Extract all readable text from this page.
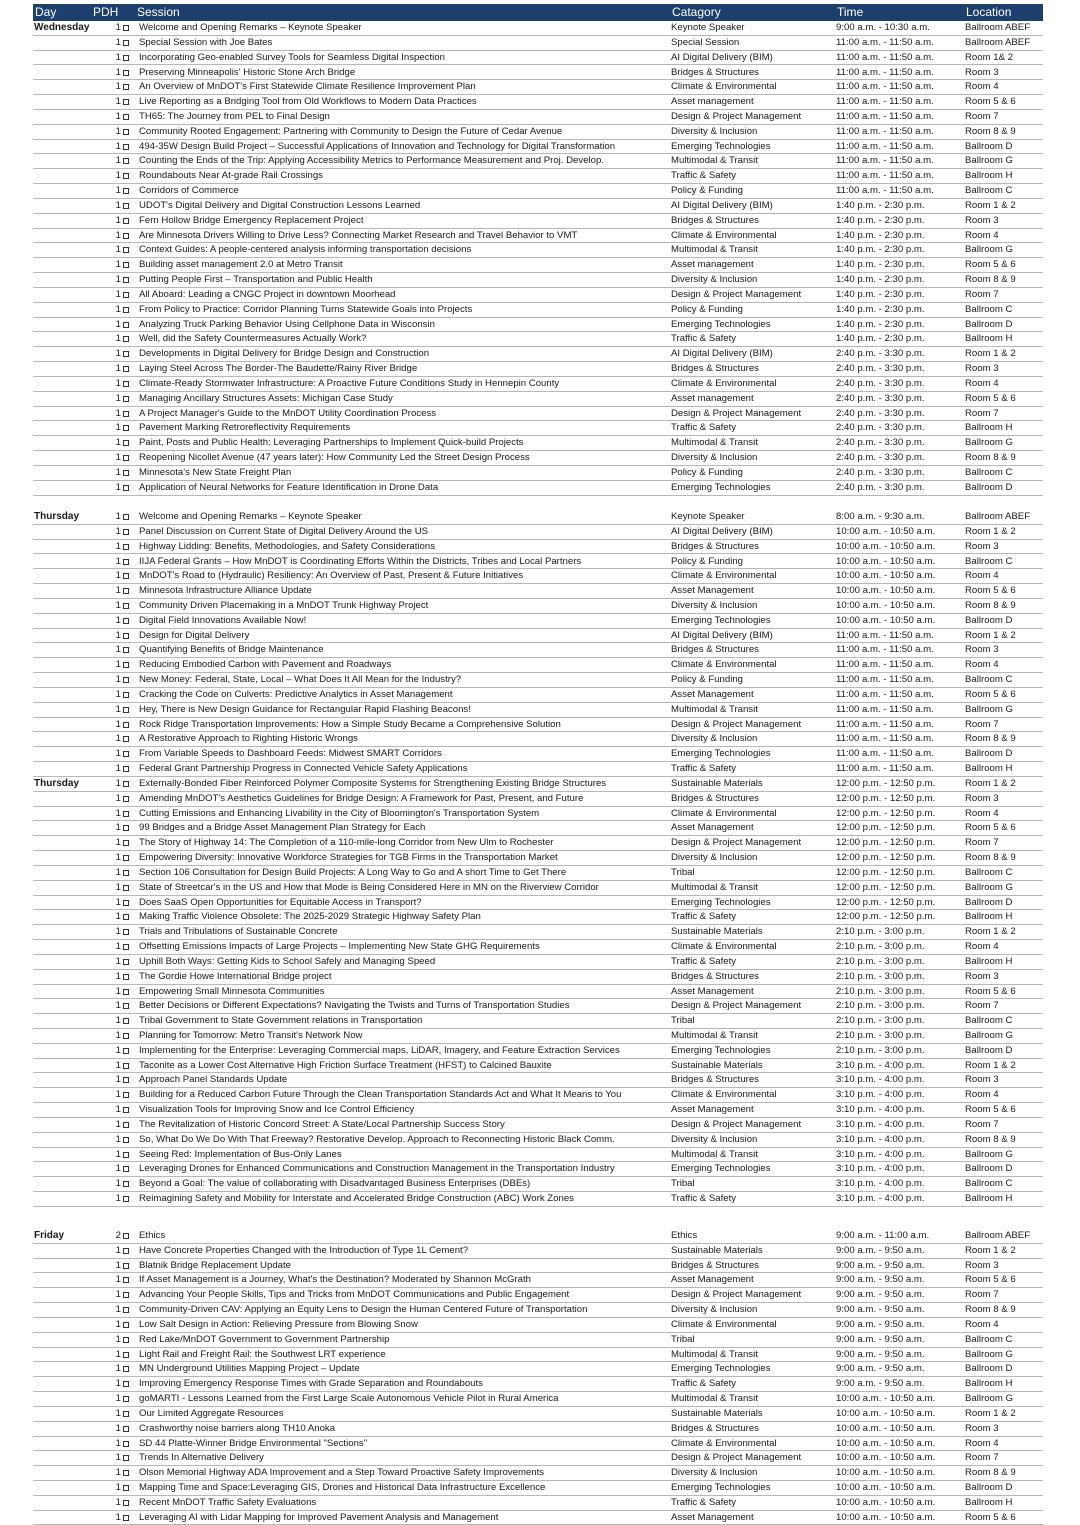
Day	PDH	Session	Catagory	Time	Location
Wednesday	1	Welcome and Opening Remarks – Keynote Speaker	Keynote Speaker	9:00 a.m. - 10:30 a.m.	Ballroom ABEF
	1	Special Session with Joe Bates	Special Session	11:00 a.m. - 11:50 a.m.	Ballroom ABEF
	1	Incorporating Geo-enabled Survey Tools for Seamless Digital Inspection	AI Digital Delivery (BIM)	11:00 a.m. - 11:50 a.m.	Room 1& 2
	1	Preserving Minneapolis' Historic Stone Arch Bridge	Bridges & Structures	11:00 a.m. - 11:50 a.m.	Room 3
	1	An Overview of MnDOT's First Statewide Climate Resilience Improvement Plan	Climate & Environmental	11:00 a.m. - 11:50 a.m.	Room 4
	1	Live Reporting as a Bridging Tool from Old Workflows to Modern Data Practices	Asset management	11:00 a.m. - 11:50 a.m.	Room 5 & 6
	1	TH65: The Journey from PEL to Final Design	Design & Project Management	11:00 a.m. - 11:50 a.m.	Room 7
	1	Community Rooted Engagement: Partnering with Community to Design the Future of Cedar Avenue	Diversity & Inclusion	11:00 a.m. - 11:50 a.m.	Room 8 & 9
	1	494-35W Design Build Project – Successful Applications of Innovation and Technology for Digital Transformation	Emerging Technologies	11:00 a.m. - 11:50 a.m.	Ballroom D
	1	Counting the Ends of the Trip: Applying Accessibility Metrics to Performance Measurement and Proj. Develop.	Multimodal & Transit	11:00 a.m. - 11:50 a.m.	Ballroom G
	1	Roundabouts Near At-grade Rail Crossings	Traffic & Safety	11:00 a.m. - 11:50 a.m.	Ballroom H
	1	Corridors of Commerce	Policy & Funding	11:00 a.m. - 11:50 a.m.	Ballroom C
	1	UDOT's Digital Delivery and Digital Construction Lessons Learned	AI Digital Delivery (BIM)	1:40 p.m. - 2:30 p.m.	Room 1 & 2
	1	Fern Hollow Bridge Emergency Replacement Project	Bridges & Structures	1:40 p.m. - 2:30 p.m.	Room 3
	1	Are Minnesota Drivers Willing to Drive Less? Connecting Market Research and Travel Behavior to VMT	Climate & Environmental	1:40 p.m. - 2:30 p.m.	Room 4
	1	Context Guides: A people-centered analysis informing transportation decisions	Multimodal & Transit	1:40 p.m. - 2:30 p.m.	Ballroom G
	1	Building asset management 2.0 at Metro Transit	Asset management	1:40 p.m. - 2:30 p.m.	Room 5 & 6
	1	Putting People First – Transportation and Public Health	Diversity & Inclusion	1:40 p.m. - 2:30 p.m.	Room 8 & 9
	1	All Aboard: Leading a CNGC Project in downtown Moorhead	Design & Project Management	1:40 p.m. - 2:30 p.m.	Room 7
	1	From Policy to Practice: Corridor Planning Turns Statewide Goals into Projects	Policy & Funding	1:40 p.m. - 2:30 p.m.	Ballroom C
	1	Analyzing Truck Parking Behavior Using Cellphone Data in Wisconsin	Emerging Technologies	1:40 p.m. - 2:30 p.m.	Ballroom D
	1	Well, did the Safety Countermeasures Actually Work?	Traffic & Safety	1:40 p.m. - 2:30 p.m.	Ballroom H
	1	Developments in Digital Delivery for Bridge Design and Construction	AI Digital Delivery (BIM)	2:40 p.m. - 3:30 p.m.	Room 1 & 2
	1	Laying Steel Across The Border-The Baudette/Rainy River Bridge	Bridges & Structures	2:40 p.m. - 3:30 p.m.	Room 3
	1	Climate-Ready Stormwater Infrastructure: A Proactive Future Conditions Study in Hennepin County	Climate & Environmental	2:40 p.m. - 3:30 p.m.	Room 4
	1	Managing Ancillary Structures Assets: Michigan Case Study	Asset management	2:40 p.m. - 3:30 p.m.	Room 5 & 6
	1	A Project Manager's Guide to the MnDOT Utility Coordination Process	Design & Project Management	2:40 p.m. - 3:30 p.m.	Room 7
	1	Pavement Marking Retroreflectivity Requirements	Traffic & Safety	2:40 p.m. - 3:30 p.m.	Ballroom H
	1	Paint, Posts and Public Health: Leveraging Partnerships to Implement Quick-build Projects	Multimodal & Transit	2:40 p.m. - 3:30 p.m.	Ballroom G
	1	Reopening Nicollet Avenue (47 years later): How Community Led the Street Design Process	Diversity & Inclusion	2:40 p.m. - 3:30 p.m.	Room 8 & 9
	1	Minnesota's New State Freight Plan	Policy & Funding	2:40 p.m. - 3:30 p.m.	Ballroom C
	1	Application of Neural Networks for Feature Identification in Drone Data	Emerging Technologies	2:40 p.m. - 3:30 p.m.	Ballroom D

Thursday	1	Welcome and Opening Remarks – Keynote Speaker	Keynote Speaker	8:00 a.m. - 9:30 a.m.	Ballroom ABEF
	1	Panel Discussion on Current State of Digital Delivery Around the US	AI Digital Delivery (BIM)	10:00 a.m. - 10:50 a.m.	Room 1 & 2
	1	Highway Lidding: Benefits, Methodologies, and Safety Considerations	Bridges & Structures	10:00 a.m. - 10:50 a.m.	Room 3
	1	IIJA Federal Grants – How MnDOT is Coordinating Efforts Within the Districts, Tribes and Local Partners	Policy & Funding	10:00 a.m. - 10:50 a.m.	Ballroom C
	1	MnDOT's Road to (Hydraulic) Resiliency: An Overview of Past, Present & Future Initiatives	Climate & Environmental	10:00 a.m. - 10:50 a.m.	Room 4
	1	Minnesota Infrastructure Alliance Update	Asset Management	10:00 a.m. - 10:50 a.m.	Room 5 & 6
	1	Community Driven Placemaking in a MnDOT Trunk Highway Project	Diversity & Inclusion	10:00 a.m. - 10:50 a.m.	Room 8 & 9
	1	Digital Field Innovations Available Now!	Emerging Technologies	10:00 a.m. - 10:50 a.m.	Ballroom D
	1	Design for Digital Delivery	AI Digital Delivery (BIM)	11:00 a.m. - 11:50 a.m.	Room 1 & 2
	1	Quantifying Benefits of Bridge Maintenance	Bridges & Structures	11:00 a.m. - 11:50 a.m.	Room 3
	1	Reducing Embodied Carbon with Pavement and Roadways	Climate & Environmental	11:00 a.m. - 11:50 a.m.	Room 4
	1	New Money: Federal, State, Local – What Does It All Mean for the Industry?	Policy & Funding	11:00 a.m. - 11:50 a.m.	Ballroom C
	1	Cracking the Code on Culverts: Predictive Analytics in Asset Management	Asset Management	11:00 a.m. - 11:50 a.m.	Room 5 & 6
	1	Hey, There is New Design Guidance for Rectangular Rapid Flashing Beacons!	Multimodal & Transit	11:00 a.m. - 11:50 a.m.	Ballroom G
	1	Rock Ridge Transportation Improvements: How a Simple Study Became a Comprehensive Solution	Design & Project Management	11:00 a.m. - 11:50 a.m.	Room 7
	1	A Restorative Approach to Righting Historic Wrongs	Diversity & Inclusion	11:00 a.m. - 11:50 a.m.	Room 8 & 9
	1	From Variable Speeds to Dashboard Feeds: Midwest SMART Corridors	Emerging Technologies	11:00 a.m. - 11:50 a.m.	Ballroom D
	1	Federal Grant Partnership Progress in Connected Vehicle Safety Applications	Traffic & Safety	11:00 a.m. - 11:50 a.m.	Ballroom H
Thursday	1	Externally-Bonded Fiber Reinforced Polymer Composite Systems for Strengthening Existing Bridge Structures	Sustainable Materials	12:00 p.m. - 12:50 p.m.	Room 1 & 2
	1	Amending MnDOT's Aesthetics Guidelines for Bridge Design: A Framework for Past, Present, and Future	Bridges & Structures	12:00 p.m. - 12:50 p.m.	Room 3
	1	Cutting Emissions and Enhancing Livability in the City of Bloomington's Transportation System	Climate & Environmental	12:00 p.m. - 12:50 p.m.	Room 4
	1	99 Bridges and a Bridge Asset Management Plan Strategy for Each	Asset Management	12:00 p.m. - 12:50 p.m.	Room 5 & 6
	1	The Story of Highway 14: The Completion of a 110-mile-long Corridor from New Ulm to Rochester	Design & Project Management	12:00 p.m. - 12:50 p.m.	Room 7
	1	Empowering Diversity: Innovative Workforce Strategies for TGB Firms in the Transportation Market	Diversity & Inclusion	12:00 p.m. - 12:50 p.m.	Room 8 & 9
	1	Section 106 Consultation for Design Build Projects: A Long Way to Go and A short Time to Get There	Tribal	12:00 p.m. - 12:50 p.m.	Ballroom C
	1	State of Streetcar's in the US and How that Mode is Being Considered Here in MN on the Riverview Corridor	Multimodal & Transit	12:00 p.m. - 12:50 p.m.	Ballroom G
	1	Does SaaS Open Opportunities for Equitable Access in Transport?	Emerging Technologies	12:00 p.m. - 12:50 p.m.	Ballroom D
	1	Making Traffic Violence Obsolete: The 2025-2029 Strategic Highway Safety Plan	Traffic & Safety	12:00 p.m. - 12:50 p.m.	Ballroom H
	1	Trials and Tribulations of Sustainable Concrete	Sustainable Materials	2:10 p.m. - 3:00 p.m.	Room 1 & 2
	1	Offsetting Emissions Impacts of Large Projects – Implementing New State GHG Requirements	Climate & Environmental	2:10 p.m. - 3:00 p.m.	Room 4
	1	Uphill Both Ways: Getting Kids to School Safely and Managing Speed	Traffic & Safety	2:10 p.m. - 3:00 p.m.	Ballroom H
	1	The Gordie Howe International Bridge project	Bridges & Structures	2:10 p.m. - 3:00 p.m.	Room 3
	1	Empowering Small Minnesota Communities	Asset Management	2:10 p.m. - 3:00 p.m.	Room 5 & 6
	1	Better Decisions or Different Expectations? Navigating the Twists and Turns of Transportation Studies	Design & Project Management	2:10 p.m. - 3:00 p.m.	Room 7
	1	Tribal Government to State Government relations in Transportation	Tribal	2:10 p.m. - 3:00 p.m.	Ballroom C
	1	Planning for Tomorrow: Metro Transit's Network Now	Multimodal & Transit	2:10 p.m. - 3:00 p.m.	Ballroom G
	1	Implementing for the Enterprise: Leveraging Commercial maps, LiDAR, Imagery, and Feature Extraction Services	Emerging Technologies	2:10 p.m. - 3:00 p.m.	Ballroom D
	1	Taconite as a Lower Cost Alternative High Friction Surface Treatment (HFST) to Calcined Bauxite	Sustainable Materials	3:10 p.m. - 4:00 p.m.	Room 1 & 2
	1	Approach Panel Standards Update	Bridges & Structures	3:10 p.m. - 4:00 p.m.	Room 3
	1	Building for a Reduced Carbon Future Through the Clean Transportation Standards Act and What It Means to You	Climate & Environmental	3:10 p.m. - 4:00 p.m.	Room 4
	1	Visualization Tools for Improving Snow and Ice Control Efficiency	Asset Management	3:10 p.m. - 4:00 p.m.	Room 5 & 6
	1	The Revitalization of Historic Concord Street: A State/Local Partnership Success Story	Design & Project Management	3:10 p.m. - 4:00 p.m.	Room 7
	1	So, What Do We Do With That Freeway? Restorative Develop. Approach to Reconnecting Historic Black Comm.	Diversity & Inclusion	3:10 p.m. - 4:00 p.m.	Room 8 & 9
	1	Seeing Red: Implementation of Bus-Only Lanes	Multimodal & Transit	3:10 p.m. - 4:00 p.m.	Ballroom G
	1	Leveraging Drones for Enhanced Communications and Construction Management in the Transportation Industry	Emerging Technologies	3:10 p.m. - 4:00 p.m.	Ballroom D
	1	Beyond a Goal: The value of collaborating with Disadvantaged Business Enterprises (DBEs)	Tribal	3:10 p.m. - 4:00 p.m.	Ballroom C
	1	Reimagining Safety and Mobility for Interstate and Accelerated Bridge Construction (ABC) Work Zones	Traffic & Safety	3:10 p.m. - 4:00 p.m.	Ballroom H

Friday	2	Ethics	Ethics	9:00 a.m. - 11:00 a.m.	Ballroom ABEF
	1	Have Concrete Properties Changed with the Introduction of Type 1L Cement?	Sustainable Materials	9:00 a.m. - 9:50 a.m.	Room 1 & 2
	1	Blatnik Bridge Replacement Update	Bridges & Structures	9:00 a.m. - 9:50 a.m.	Room 3
	1	If Asset Management is a Journey, What's the Destination? Moderated by Shannon McGrath	Asset Management	9:00 a.m. - 9:50 a.m.	Room 5 & 6
	1	Advancing Your People Skills, Tips and Tricks from MnDOT Communications and Public Engagement	Design & Project Management	9:00 a.m. - 9:50 a.m.	Room 7
	1	Community-Driven CAV: Applying an Equity Lens to Design the Human Centered Future of Transportation	Diversity & Inclusion	9:00 a.m. - 9:50 a.m.	Room 8 & 9
	1	Low Salt Design in Action: Relieving Pressure from Blowing Snow	Climate & Environmental	9:00 a.m. - 9:50 a.m.	Room 4
	1	Red Lake/MnDOT Government to Government Partnership	Tribal	9:00 a.m. - 9:50 a.m.	Ballroom C
	1	Light Rail and Freight Rail: the Southwest LRT experience	Multimodal & Transit	9:00 a.m. - 9:50 a.m.	Ballroom G
	1	MN Underground Utilities Mapping Project – Update	Emerging Technologies	9:00 a.m. - 9:50 a.m.	Ballroom D
	1	Improving Emergency Response Times with Grade Separation and Roundabouts	Traffic & Safety	9:00 a.m. - 9:50 a.m.	Ballroom H
	1	goMARTI - Lessons Learned from the First Large Scale Autonomous Vehicle Pilot in Rural America	Multimodal & Transit	10:00 a.m. - 10:50 a.m.	Ballroom G
	1	Our Limited Aggregate Resources	Sustainable Materials	10:00 a.m. - 10:50 a.m.	Room 1 & 2
	1	Crashworthy noise barriers along TH10 Anoka	Bridges & Structures	10:00 a.m. - 10:50 a.m.	Room 3
	1	SD 44 Platte-Winner Bridge Environmental "Sections"	Climate & Environmental	10:00 a.m. - 10:50 a.m.	Room 4
	1	Trends In Alternative Delivery	Design & Project Management	10:00 a.m. - 10:50 a.m.	Room 7
	1	Olson Memorial Highway ADA Improvement and a Step Toward Proactive Safety Improvements	Diversity & Inclusion	10:00 a.m. - 10:50 a.m.	Room 8 & 9
	1	Mapping Time and Space:Leveraging GIS, Drones and Historical Data Infrastructure Excellence	Emerging Technologies	10:00 a.m. - 10:50 a.m.	Ballroom D
	1	Recent MnDOT Traffic Safety Evaluations	Traffic & Safety	10:00 a.m. - 10:50 a.m.	Ballroom H
	1	Leveraging AI with Lidar Mapping for Improved Pavement Analysis and Management	Asset Management	10:00 a.m. - 10:50 a.m.	Room 5 & 6
